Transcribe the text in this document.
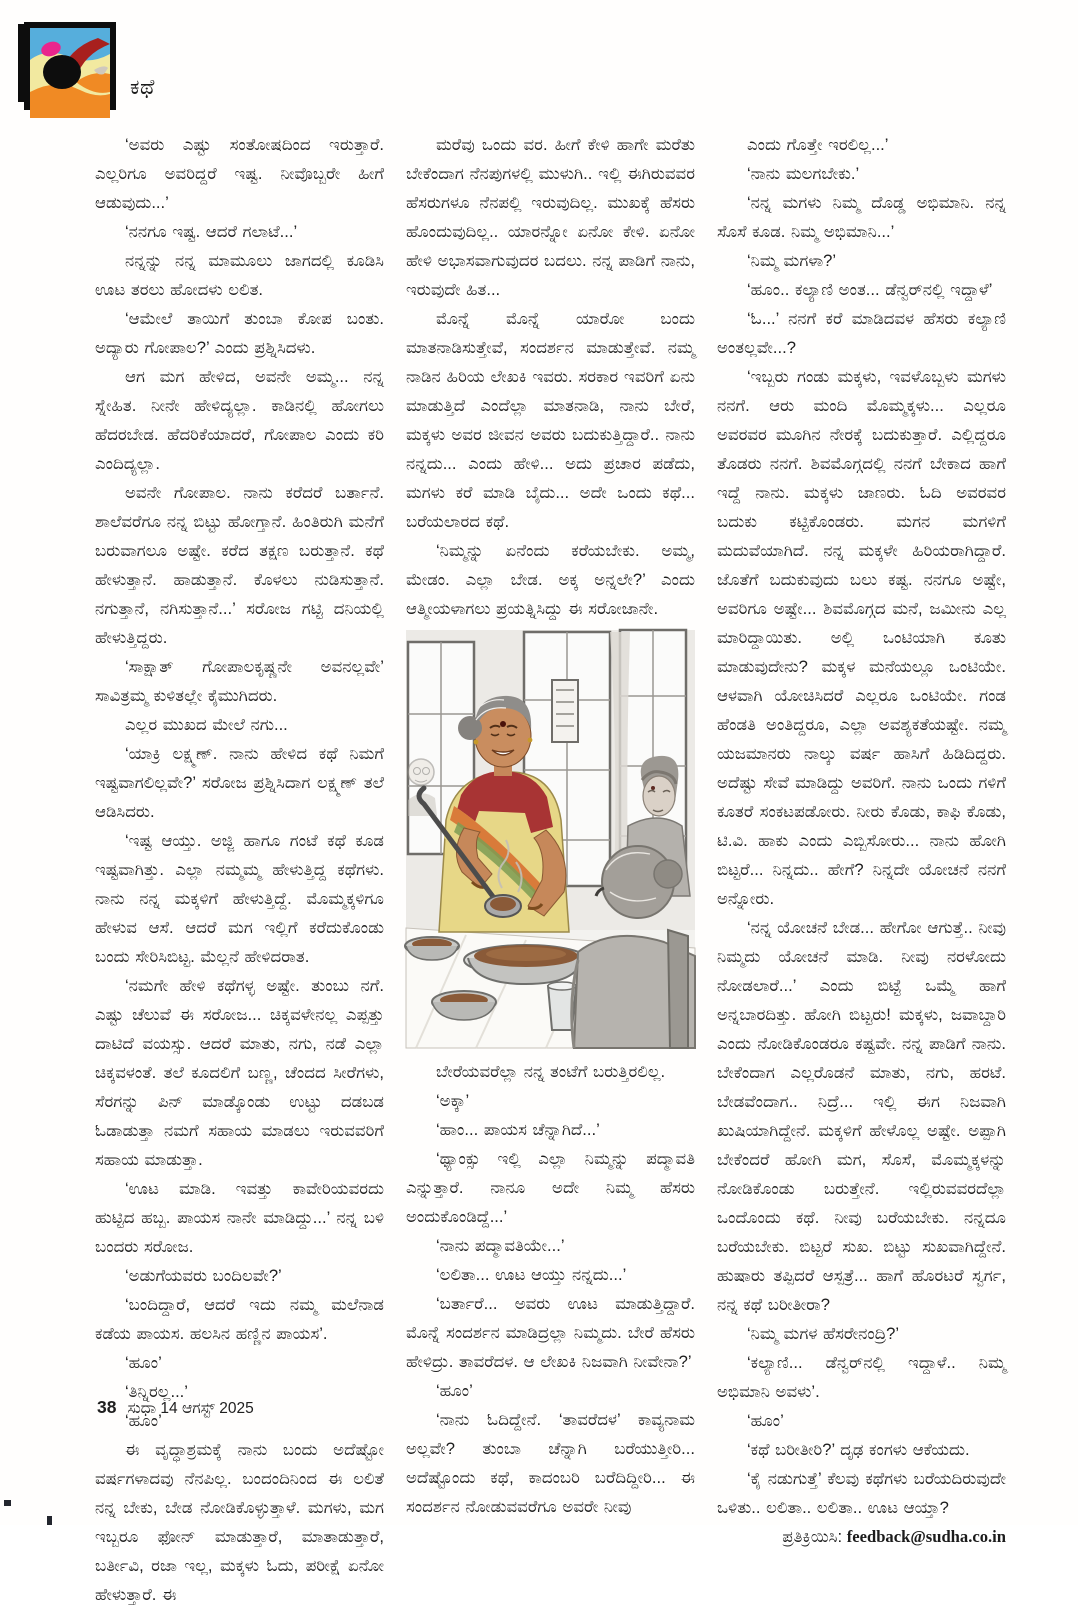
ಕಥೆ

‘ಅವರು ಎಷ್ಟು ಸಂತೋಷದಿಂದ ಇರುತ್ತಾರೆ. ಎಲ್ಲರಿಗೂ ಅವರಿದ್ದರೆ ಇಷ್ಟ. ನೀವೊಬ್ಬರೇ ಹೀಗೆ ಆಡುವುದು...’

‘ನನಗೂ ಇಷ್ಟ. ಆದರೆ ಗಲಾಟೆ...’

ನನ್ನನ್ನು ನನ್ನ ಮಾಮೂಲು ಜಾಗದಲ್ಲಿ ಕೂಡಿಸಿ ಊಟ ತರಲು ಹೋದಳು ಲಲಿತ.

‘ಆಮೇಲೆ ತಾಯಿಗೆ ತುಂಬಾ ಕೋಪ ಬಂತು. ಅದ್ಯಾರು ಗೋಪಾಲ?’ ಎಂದು ಪ್ರಶ್ನಿಸಿದಳು.

ಆಗ ಮಗ ಹೇಳಿದ, ಅವನೇ ಅಮ್ಮ... ನನ್ನ ಸ್ನೇಹಿತ. ನೀನೇ ಹೇಳಿದ್ಯಲ್ಲಾ. ಕಾಡಿನಲ್ಲಿ ಹೋಗಲು ಹೆದರಬೇಡ. ಹೆದರಿಕೆಯಾದರೆ, ಗೋಪಾಲ ಎಂದು ಕರಿ ಎಂದಿದ್ಯಲ್ಲಾ.

ಅವನೇ ಗೋಪಾಲ. ನಾನು ಕರೆದರೆ ಬರ್ತಾನೆ. ಶಾಲೆವರೆಗೂ ನನ್ನ ಬಿಟ್ಟು ಹೋಗ್ತಾನೆ. ಹಿಂತಿರುಗಿ ಮನೆಗೆ ಬರುವಾಗಲೂ ಅಷ್ಟೇ. ಕರೆದ ತಕ್ಷಣ ಬರುತ್ತಾನೆ. ಕಥೆ ಹೇಳುತ್ತಾನೆ. ಹಾಡುತ್ತಾನೆ. ಕೊಳಲು ನುಡಿಸುತ್ತಾನೆ. ನಗುತ್ತಾನೆ, ನಗಿಸುತ್ತಾನೆ...’ ಸರೋಜ ಗಟ್ಟಿ ದನಿಯಲ್ಲಿ ಹೇಳುತ್ತಿದ್ದರು.

‘ಸಾಕ್ಷಾತ್ ಗೋಪಾಲಕೃಷ್ಣನೇ ಅವನಲ್ಲವೇ’ ಸಾವಿತ್ರಮ್ಮ ಕುಳಿತಲ್ಲೇ ಕೈಮುಗಿದರು.

ಎಲ್ಲರ ಮುಖದ ಮೇಲೆ ನಗು...

‘ಯಾಕ್ರಿ ಲಕ್ಷ್ಮಣ್. ನಾನು ಹೇಳಿದ ಕಥೆ ನಿಮಗೆ ಇಷ್ಟವಾಗಲಿಲ್ಲವೇ?’ ಸರೋಜ ಪ್ರಶ್ನಿಸಿದಾಗ ಲಕ್ಷ್ಮಣ್ ತಲೆ ಆಡಿಸಿದರು.

‘ಇಷ್ಟ ಆಯ್ತು. ಅಜ್ಜಿ ಹಾಗೂ ಗಂಟೆ ಕಥೆ ಕೂಡ ಇಷ್ಟವಾಗಿತ್ತು. ಎಲ್ಲಾ ನಮ್ಮಮ್ಮ ಹೇಳುತ್ತಿದ್ದ ಕಥೆಗಳು. ನಾನು ನನ್ನ ಮಕ್ಕಳಿಗೆ ಹೇಳುತ್ತಿದ್ದೆ. ಮೊಮ್ಮಕ್ಕಳಿಗೂ ಹೇಳುವ ಆಸೆ. ಆದರೆ ಮಗ ಇಲ್ಲಿಗೆ ಕರೆದುಕೊಂಡು ಬಂದು ಸೇರಿಸಿಬಿಟ್ಟ. ಮೆಲ್ಲನೆ ಹೇಳಿದರಾತ.

‘ನಮಗೇ ಹೇಳಿ ಕಥೆಗಳ್ಳ ಅಷ್ಟೇ. ತುಂಬು ನಗೆ. ಎಷ್ಟು ಚೆಲುವೆ ಈ ಸರೋಜ... ಚಿಕ್ಕವಳೇನಲ್ಲ ಎಪ್ಪತ್ತು ದಾಟಿದೆ ವಯಸ್ಸು. ಆದರೆ ಮಾತು, ನಗು, ನಡೆ ಎಲ್ಲಾ ಚಿಕ್ಕವಳಂತೆ. ತಲೆ ಕೂದಲಿಗೆ ಬಣ್ಣ, ಚೆಂದದ ಸೀರೆಗಳು, ಸೆರಗನ್ನು ಪಿನ್ ಮಾಡ್ಕೊಂಡು ಉಟ್ಟು ದಡಬಡ ಓಡಾಡುತ್ತಾ ನಮಗೆ ಸಹಾಯ ಮಾಡಲು ಇರುವವರಿಗೆ ಸಹಾಯ ಮಾಡುತ್ತಾ.

‘ಊಟ ಮಾಡಿ. ಇವತ್ತು ಕಾವೇರಿಯವರದು ಹುಟ್ಟಿದ ಹಬ್ಬ. ಪಾಯಸ ನಾನೇ ಮಾಡಿದ್ದು...’ ನನ್ನ ಬಳಿ ಬಂದರು ಸರೋಜ.

‘ಅಡುಗೆಯವರು ಬಂದಿಲವೇ?’

‘ಬಂದಿದ್ದಾರೆ, ಆದರೆ ಇದು ನಮ್ಮ ಮಲೆನಾಡ ಕಡೆಯ ಪಾಯಸ. ಹಲಸಿನ ಹಣ್ಣಿನ ಪಾಯಸ’.

‘ಹೂಂ’

‘ತಿನ್ನಿರಲ್ಲ...’

‘ಹೂಂ’

ಈ ವೃದ್ಧಾಶ್ರಮಕ್ಕೆ ನಾನು ಬಂದು ಅದೆಷ್ಟೋ ವರ್ಷಗಳಾದವು ನೆನಪಿಲ್ಲ. ಬಂದಂದಿನಿಂದ ಈ ಲಲಿತೆ ನನ್ನ ಬೇಕು, ಬೇಡ ನೋಡಿಕೊಳ್ಳುತ್ತಾಳೆ. ಮಗಳು, ಮಗ ಇಬ್ಬರೂ ಫೋನ್ ಮಾಡುತ್ತಾರೆ, ಮಾತಾಡುತ್ತಾರೆ, ಬರ್ತೀವಿ, ರಜಾ ಇಲ್ಲ, ಮಕ್ಕಳು ಓದು, ಪರೀಕ್ಷೆ ಏನೋ ಹೇಳುತ್ತಾರೆ. ಈ

ಮರೆವು ಒಂದು ವರ. ಹೀಗೆ ಕೇಳಿ ಹಾಗೇ ಮರೆತು ಬೇಕೆಂದಾಗ ನೆನಪುಗಳಲ್ಲಿ ಮುಳುಗಿ.. ಇಲ್ಲಿ ಈಗಿರುವವರ ಹೆಸರುಗಳೂ ನೆನಪಲ್ಲಿ ಇರುವುದಿಲ್ಲ. ಮುಖಕ್ಕೆ ಹೆಸರು ಹೊಂದುವುದಿಲ್ಲ.. ಯಾರನ್ನೋ ಏನೋ ಕೇಳಿ. ಏನೋ ಹೇಳಿ ಅಭಾಸವಾಗುವುದರ ಬದಲು. ನನ್ನ ಪಾಡಿಗೆ ನಾನು, ಇರುವುದೇ ಹಿತ...

ಮೊನ್ನೆ ಮೊನ್ನೆ ಯಾರೋ ಬಂದು ಮಾತನಾಡಿಸುತ್ತೇವೆ, ಸಂದರ್ಶನ ಮಾಡುತ್ತೇವೆ. ನಮ್ಮ ನಾಡಿನ ಹಿರಿಯ ಲೇಖಕಿ ಇವರು. ಸರಕಾರ ಇವರಿಗೆ ಏನು ಮಾಡುತ್ತಿದೆ ಎಂದೆಲ್ಲಾ ಮಾತನಾಡಿ, ನಾನು ಬೇರೆ, ಮಕ್ಕಳು ಅವರ ಜೀವನ ಅವರು ಬದುಕುತ್ತಿದ್ದಾರೆ.. ನಾನು ನನ್ನದು... ಎಂದು ಹೇಳಿ... ಅದು ಪ್ರಚಾರ ಪಡೆದು, ಮಗಳು ಕರೆ ಮಾಡಿ ಬೈದು... ಅದೇ ಒಂದು ಕಥೆ... ಬರೆಯಲಾರದ ಕಥೆ.

‘ನಿಮ್ಮನ್ನು ಏನೆಂದು ಕರೆಯಬೇಕು. ಅಮ್ಮ, ಮೇಡಂ. ಎಲ್ಲಾ ಬೇಡ. ಅಕ್ಕ ಅನ್ನಲೇ?’ ಎಂದು ಆತ್ಮೀಯಳಾಗಲು ಪ್ರಯತ್ನಿಸಿದ್ದು ಈ ಸರೋಜಾನೇ.

ಬೇರೆಯವರೆಲ್ಲಾ ನನ್ನ ತಂಟೆಗೆ ಬರುತ್ತಿರಲಿಲ್ಲ.

‘ಅಕ್ಕಾ’

‘ಹಾಂ... ಪಾಯಸ ಚೆನ್ನಾಗಿದೆ...’

‘ಥ್ಯಾಂಕ್ಸು ಇಲ್ಲಿ ಎಲ್ಲಾ ನಿಮ್ಮನ್ನು ಪದ್ಮಾವತಿ ಎನ್ನುತ್ತಾರೆ. ನಾನೂ ಅದೇ ನಿಮ್ಮ ಹೆಸರು ಅಂದುಕೊಂಡಿದ್ದೆ...’

‘ನಾನು ಪದ್ಮಾವತಿಯೇ...’

‘ಲಲಿತಾ... ಊಟ ಆಯ್ತು ನನ್ನದು...’

‘ಬರ್ತಾರೆ... ಅವರು ಊಟ ಮಾಡುತ್ತಿದ್ದಾರೆ. ಮೊನ್ನೆ ಸಂದರ್ಶನ ಮಾಡಿದ್ರಲ್ಲಾ ನಿಮ್ಮದು. ಬೇರೆ ಹೆಸರು ಹೇಳಿದ್ರು. ತಾವರೆದಳ. ಆ ಲೇಖಕಿ ನಿಜವಾಗಿ ನೀವೇನಾ?’

‘ಹೂಂ’

‘ನಾನು ಓದಿದ್ದೇನೆ. ‘ತಾವರೆದಳ’ ಕಾವ್ಯನಾಮ ಅಲ್ಲವೇ? ತುಂಬಾ ಚೆನ್ನಾಗಿ ಬರೆಯುತ್ತೀರಿ... ಅದೆಷ್ಟೊಂದು ಕಥೆ, ಕಾದಂಬರಿ ಬರೆದಿದ್ದೀರಿ... ಈ ಸಂದರ್ಶನ ನೋಡುವವರೆಗೂ ಅವರೇ ನೀವು

ಎಂದು ಗೊತ್ತೇ ಇರಲಿಲ್ಲ...’

‘ನಾನು ಮಲಗಬೇಕು.’

‘ನನ್ನ ಮಗಳು ನಿಮ್ಮ ದೊಡ್ಡ ಅಭಿಮಾನಿ. ನನ್ನ ಸೊಸೆ ಕೂಡ. ನಿಮ್ಮ ಅಭಿಮಾನಿ...’

‘ನಿಮ್ಮ ಮಗಳಾ?’

‘ಹೂಂ.. ಕಲ್ಯಾಣಿ ಅಂತ... ಡೆನ್ವರ್‌ನಲ್ಲಿ ಇದ್ದಾಳೆ’

‘ಓ...’ ನನಗೆ ಕರೆ ಮಾಡಿದವಳ ಹೆಸರು ಕಲ್ಯಾಣಿ ಅಂತಲ್ಲವೇ...?

‘ಇಬ್ಬರು ಗಂಡು ಮಕ್ಕಳು, ಇವಳೊಬ್ಬಳು ಮಗಳು ನನಗೆ. ಆರು ಮಂದಿ ಮೊಮ್ಮಕ್ಕಳು... ಎಲ್ಲರೂ ಅವರವರ ಮೂಗಿನ ನೇರಕ್ಕೆ ಬದುಕುತ್ತಾರೆ. ಎಲ್ಲಿದ್ದರೂ ತೊಡರು ನನಗೆ. ಶಿವಮೊಗ್ಗದಲ್ಲಿ ನನಗೆ ಬೇಕಾದ ಹಾಗೆ ಇದ್ದೆ ನಾನು. ಮಕ್ಕಳು ಜಾಣರು. ಓದಿ ಅವರವರ ಬದುಕು ಕಟ್ಟಿಕೊಂಡರು. ಮಗನ ಮಗಳಿಗೆ ಮದುವೆಯಾಗಿದೆ. ನನ್ನ ಮಕ್ಕಳೇ ಹಿರಿಯರಾಗಿದ್ದಾರೆ. ಜೊತೆಗೆ ಬದುಕುವುದು ಬಲು ಕಷ್ಟ. ನನಗೂ ಅಷ್ಟೇ, ಅವರಿಗೂ ಅಷ್ಟೇ... ಶಿವಮೊಗ್ಗದ ಮನೆ, ಜಮೀನು ಎಲ್ಲ ಮಾರಿದ್ದಾಯಿತು. ಅಲ್ಲಿ ಒಂಟಿಯಾಗಿ ಕೂತು ಮಾಡುವುದೇನು? ಮಕ್ಕಳ ಮನೆಯಲ್ಲೂ ಒಂಟಿಯೇ. ಆಳವಾಗಿ ಯೋಚಿಸಿದರೆ ಎಲ್ಲರೂ ಒಂಟಿಯೇ. ಗಂಡ ಹೆಂಡತಿ ಅಂತಿದ್ದರೂ, ಎಲ್ಲಾ ಅವಶ್ಯಕತೆಯಷ್ಟೇ. ನಮ್ಮ ಯಜಮಾನರು ನಾಲ್ಕು ವರ್ಷ ಹಾಸಿಗೆ ಹಿಡಿದಿದ್ದರು. ಅದೆಷ್ಟು ಸೇವೆ ಮಾಡಿದ್ದು ಅವರಿಗೆ. ನಾನು ಒಂದು ಗಳಿಗೆ ಕೂತರೆ ಸಂಕಟಪಡೋರು. ನೀರು ಕೊಡು, ಕಾಫಿ ಕೊಡು, ಟಿ.ವಿ. ಹಾಕು ಎಂದು ಎಬ್ಬಿಸೋರು... ನಾನು ಹೋಗಿ ಬಿಟ್ಟರೆ... ನಿನ್ನದು.. ಹೇಗೆ? ನಿನ್ನದೇ ಯೋಚನೆ ನನಗೆ ಅನ್ನೋರು.

‘ನನ್ನ ಯೋಚನೆ ಬೇಡ... ಹೇಗೋ ಆಗುತ್ತೆ.. ನೀವು ನಿಮ್ಮದು ಯೋಚನೆ ಮಾಡಿ. ನೀವು ನರಳೋದು ನೋಡಲಾರೆ...’ ಎಂದು ಬಿಟ್ಟೆ ಒಮ್ಮೆ ಹಾಗೆ ಅನ್ನಬಾರದಿತ್ತು. ಹೋಗಿ ಬಿಟ್ಟರು! ಮಕ್ಕಳು, ಜವಾಬ್ದಾರಿ ಎಂದು ನೋಡಿಕೊಂಡರೂ ಕಷ್ಟವೇ. ನನ್ನ ಪಾಡಿಗೆ ನಾನು. ಬೇಕೆಂದಾಗ ಎಲ್ಲರೊಡನೆ ಮಾತು, ನಗು, ಹರಟೆ. ಬೇಡವೆಂದಾಗ.. ನಿದ್ರೆ... ಇಲ್ಲಿ ಈಗ ನಿಜವಾಗಿ ಖುಷಿಯಾಗಿದ್ದೇನೆ. ಮಕ್ಕಳಿಗೆ ಹೇಳೊಲ್ಲ ಅಷ್ಟೇ. ಅಪ್ಪಾಗಿ ಬೇಕೆಂದರೆ ಹೋಗಿ ಮಗ, ಸೊಸೆ, ಮೊಮ್ಮಕ್ಕಳನ್ನು ನೋಡಿಕೊಂಡು ಬರುತ್ತೇನೆ. ಇಲ್ಲಿರುವವರದೆಲ್ಲಾ ಒಂದೊಂದು ಕಥೆ. ನೀವು ಬರೆಯಬೇಕು. ನನ್ನದೂ ಬರೆಯಬೇಕು. ಬಿಟ್ಟರೆ ಸುಖ. ಬಿಟ್ಟು ಸುಖವಾಗಿದ್ದೇನೆ. ಹುಷಾರು ತಪ್ಪಿದರೆ ಆಸ್ಪತ್ರೆ... ಹಾಗೆ ಹೊರಟರೆ ಸ್ವರ್ಗ, ನನ್ನ ಕಥೆ ಬರೀತೀರಾ?

‘ನಿಮ್ಮ ಮಗಳ ಹೆಸರೇನಂದ್ರಿ?’

‘ಕಲ್ಯಾಣಿ... ಡೆನ್ವರ್‌ನಲ್ಲಿ ಇದ್ದಾಳೆ.. ನಿಮ್ಮ ಅಭಿಮಾನಿ ಅವಳು’.

‘ಹೂಂ’

‘ಕಥೆ ಬರೀತೀರಿ?’ ದೃಢ ಕಂಗಳು ಆಕೆಯದು.

‘ಕೈ ನಡುಗುತ್ತೆ’ ಕೆಲವು ಕಥೆಗಳು ಬರೆಯದಿರುವುದೇ ಒಳಿತು.. ಲಲಿತಾ.. ಲಲಿತಾ.. ಊಟ ಆಯ್ತಾ?

ಪ್ರತಿಕ್ರಿಯಿಸಿ: feedback@sudha.co.in

38 ಸುಧಾ 14 ಆಗಸ್ಟ್ 2025
